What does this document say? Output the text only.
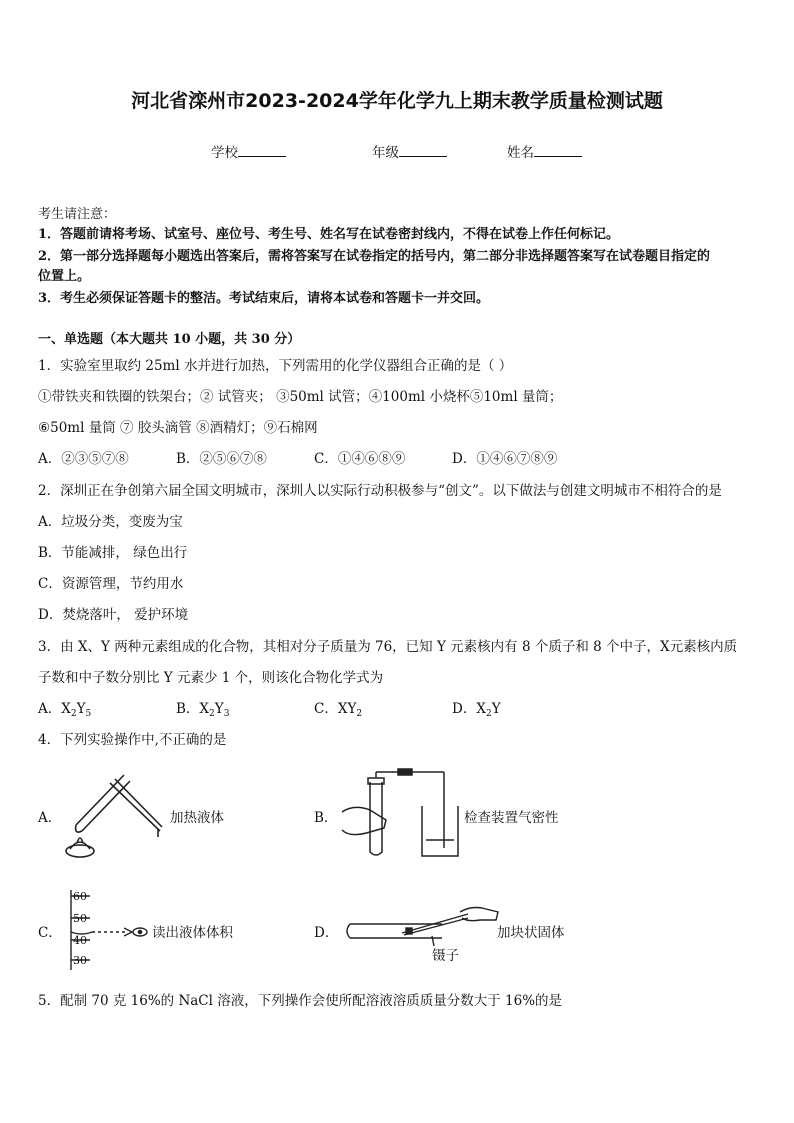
河北省滦州市2023-2024学年化学九上期末教学质量检测试题
学校	年级	姓名
考生请注意：
1．答题前请将考场、试室号、座位号、考生号、姓名写在试卷密封线内，不得在试卷上作任何标记。
2．第一部分选择题每小题选出答案后，需将答案写在试卷指定的括号内，第二部分非选择题答案写在试卷题目指定的
位置上。
3．考生必须保证答题卡的整洁。考试结束后，请将本试卷和答题卡一并交回。
一、单选题（本大题共 10 小题，共 30 分）
1．实验室里取约 25ml 水并进行加热，下列需用的化学仪器组合正确的是（ ）
①带铁夹和铁圈的铁架台；② 试管夹； ③50ml 试管；④100ml 小烧杯⑤10ml 量筒；
⑥50ml 量筒 ⑦ 胶头滴管 ⑧酒精灯；⑨石棉网
A．②③⑤⑦⑧	B．②⑤⑥⑦⑧	C．①④⑥⑧⑨	D．①④⑥⑦⑧⑨
2．深圳正在争创第六届全国文明城市，深圳人以实际行动积极参与“创文”。以下做法与创建文明城市不相符合的是
A．垃圾分类，变废为宝
B．节能减排， 绿色出行
C．资源管理，节约用水
D．焚烧落叶， 爱护环境
3．由 X、Y 两种元素组成的化合物，其相对分子质量为 76，已知 Y 元素核内有 8 个质子和 8 个中子，X元素核内质
子数和中子数分别比 Y 元素少 1 个，则该化合物化学式为
A．$X_2Y_5$	B．$X_2Y_3$	C．$XY_2$	D．$X_2Y$
4．下列实验操作中,不正确的是
A．	加热液体	B．	检查装置气密性
C．
60
50
40
30
读出液体体积	D．	加块状固体
镊子
5．配制 70 克 16%的 NaCl 溶液，下列操作会使所配溶液溶质质量分数大于 16%的是
